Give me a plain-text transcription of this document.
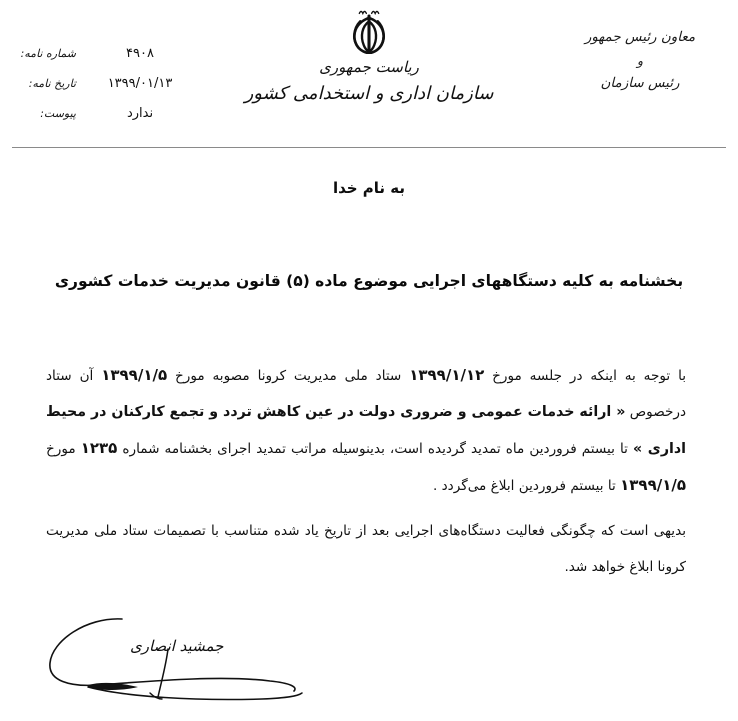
معاون رئیس جمهور
و
رئیس سازمان
ریاست جمهوری
سازمان اداری و استخدامی کشور
شماره نامه:	۴۹۰۸
تاریخ نامه:	۱۳۹۹/۰۱/۱۳
پیوست:	ندارد
به نام خدا
بخشنامه به کلیه دستگاههای اجرایی موضوع ماده (۵) قانون مدیریت خدمات کشوری

با توجه به اینکه در جلسه مورخ ۱۳۹۹/۱/۱۲ ستاد ملی مدیریت کرونا مصوبه مورخ ۱۳۹۹/۱/۵ آن ستاد درخصوص « ارائه خدمات عمومی و ضروری دولت در عین کاهش تردد و تجمع کارکنان در محیط اداری » تا بیستم فروردین ماه تمدید گردیده است، بدینوسیله مراتب تمدید اجرای بخشنامه شماره ۱۲۳۵ مورخ ۱۳۹۹/۱/۵ تا بیستم فروردین ابلاغ می‌گردد .

بدیهی است که چگونگی فعالیت دستگاه‌های اجرایی بعد از تاریخ یاد شده متناسب با تصمیمات ستاد ملی مدیریت کرونا ابلاغ خواهد شد.

جمشید انصاری
